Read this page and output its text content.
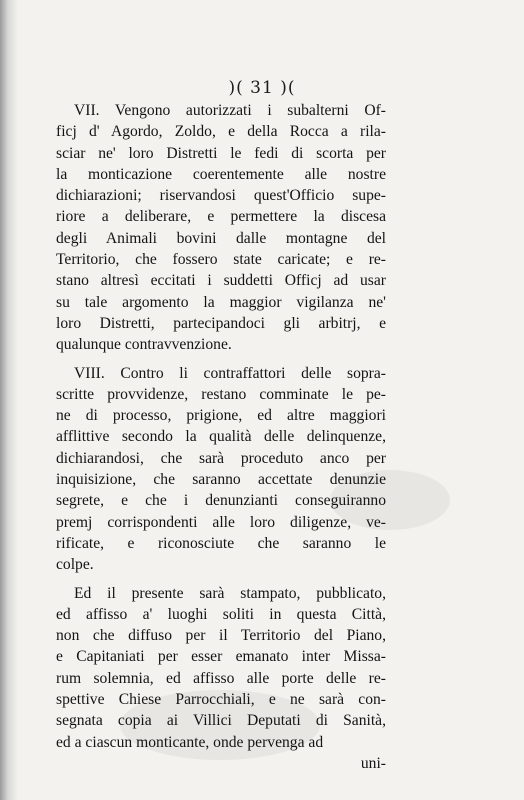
)( 31 )(
VII. Vengono autorizzati i subalterni Of-
ficj d' Agordo, Zoldo, e della Rocca a rila-
sciar ne' loro Distretti le fedi di scorta per
la monticazione coerentemente alle nostre
dichiarazioni; riservandosi quest'Officio supe-
riore a deliberare, e permettere la discesa
degli Animali bovini dalle montagne del
Territorio, che fossero state caricate; e re-
stano altresì eccitati i suddetti Officj ad usar
su tale argomento la maggior vigilanza ne'
loro Distretti, partecipandoci gli arbitrj, e
qualunque contravvenzione.
VIII. Contro li contraffattori delle sopra-
scritte provvidenze, restano comminate le pe-
ne di processo, prigione, ed altre maggiori
afflittive secondo la qualità delle delinquenze,
dichiarandosi, che sarà proceduto anco per
inquisizione, che saranno accettate denunzie
segrete, e che i denunzianti conseguiranno
premj corrispondenti alle loro diligenze, ve-
rificate, e riconosciute che saranno le
colpe.
Ed il presente sarà stampato, pubblicato,
ed affisso a' luoghi soliti in questa Città,
non che diffuso per il Territorio del Piano,
e Capitaniati per esser emanato inter Missa-
rum solemnia, ed affisso alle porte delle re-
spettive Chiese Parrocchiali, e ne sarà con-
segnata copia ai Villici Deputati di Sanità,
ed a ciascun monticante, onde pervenga ad
uni-
